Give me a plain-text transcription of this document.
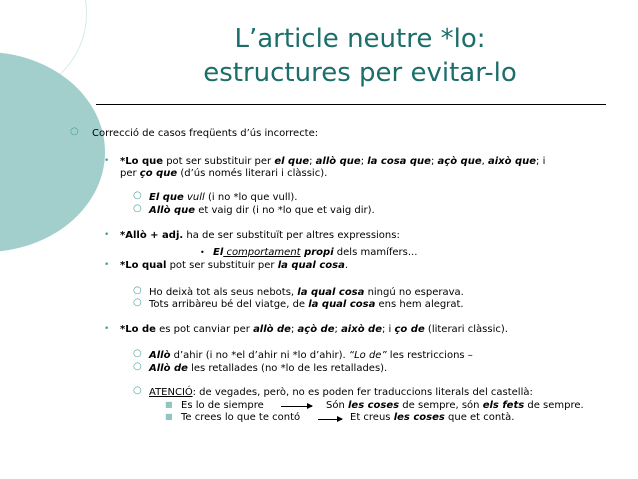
L’article neutre *lo:
estructures per evitar-lo
○ Correcció de casos freqüents d’ús incorrecte:
• *Lo que pot ser substituir per el que; allò que; la cosa que; açò que, això que; i
per ço que (d’ús només literari i clàssic).
○ El que vull (i no *lo que vull).
○ Allò que et vaig dir (i no *lo que et vaig dir).
• *Allò + adj. ha de ser substituït per altres expressions:
• El comportament propi dels mamífers...
• *Lo qual pot ser substituir per la qual cosa.
○ Ho deixà tot als seus nebots, la qual cosa ningú no esperava.
○ Tots arribàreu bé del viatge, de la qual cosa ens hem alegrat.
• *Lo de es pot canviar per allò de; açò de; això de; i ço de (literari clàssic).
○ Allò d’ahir (i no *el d’ahir ni *lo d’ahir). “Lo de” les restriccions –
○ Allò de les retallades (no *lo de les retallades).
○ ATENCIÓ: de vegades, però, no es poden fer traduccions literals del castellà:
■ Es lo de siempre	Són les coses de sempre, són els fets de sempre.
■ Te crees lo que te contó	Et creus les coses que et contà.
